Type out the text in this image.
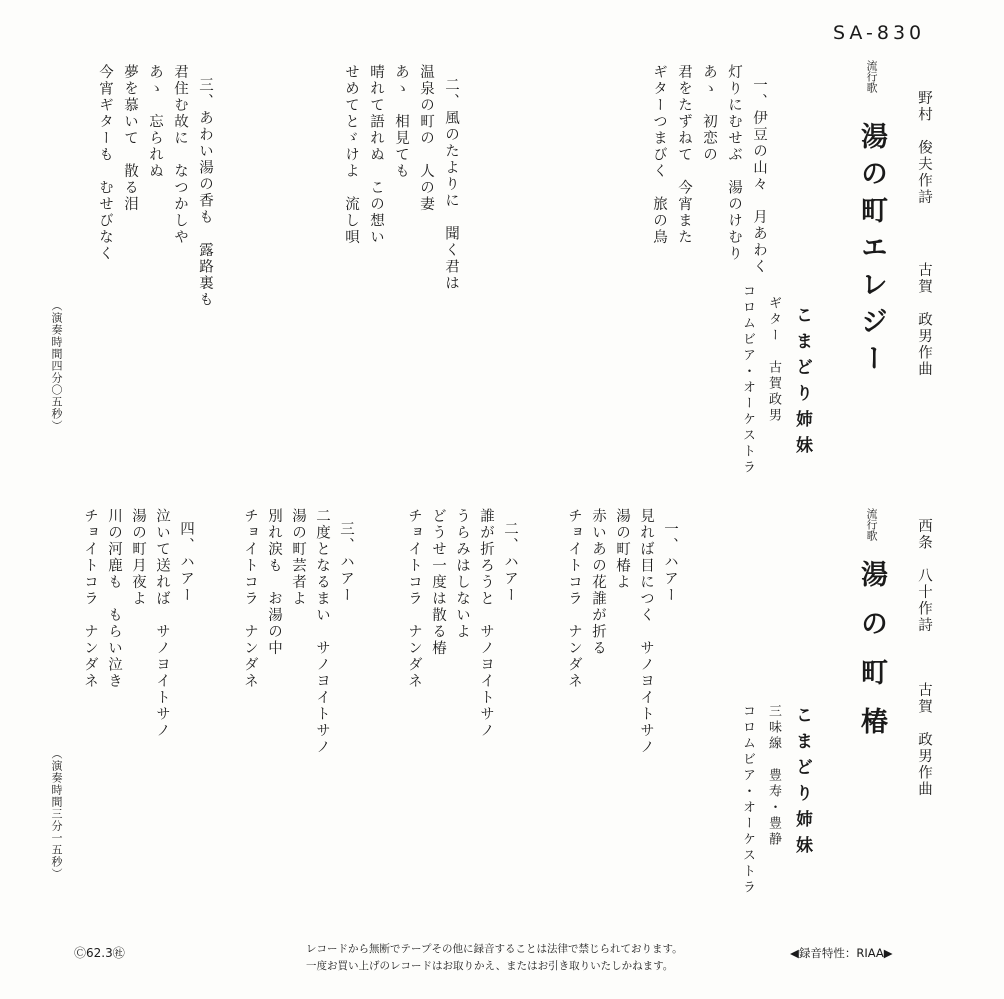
SA-830
野村　俊夫作詩
古賀　政男作曲
流行歌
湯の町エレジー
こまどり姉妹
ギター　古賀政男
コロムビア・オーケストラ

一、伊豆の山々　月あわく
灯りにむせぶ　湯のけむり
あゝ　初恋の
君をたずねて　今宵また
ギターつまびく　旅の鳥

二、風のたよりに　聞く君は
温泉の町の　人の妻
あゝ　相見ても
晴れて語れぬ　この想い
せめてとゞけよ　流し唄

三、あわい湯の香も　露路裏も
君住む故に　なつかしや
あゝ　忘られぬ
夢を慕いて　散る泪
今宵ギターも　むせびなく

（演奏時間四分〇五秒）
西条　八十作詩
古賀　政男作曲
流行歌
湯の町椿
こまどり姉妹
三味線　豊寿・豊静
コロムビア・オーケストラ

一、ハアー
見れば目につく　サノヨイトサノ
湯の町椿よ
赤いあの花誰が折る
チョイトコラ　ナンダネ

二、ハアー
誰が折ろうと　サノヨイトサノ
うらみはしないよ
どうせ一度は散る椿
チョイトコラ　ナンダネ

三、ハアー
二度となるまい　サノヨイトサノ
湯の町芸者よ
別れ涙も　お湯の中
チョイトコラ　ナンダネ

四、ハアー
泣いて送れば　サノヨイトサノ
湯の町月夜よ
川の河鹿も　もらい泣き
チョイトコラ　ナンダネ

（演奏時間三分一五秒）
Ⓒ62.3㊓	レコードから無断でテープその他に録音することは法律で禁じられております。
一度お買い上げのレコードはお取りかえ、またはお引き取りいたしかねます。
◀録音特性：RIAA▶
